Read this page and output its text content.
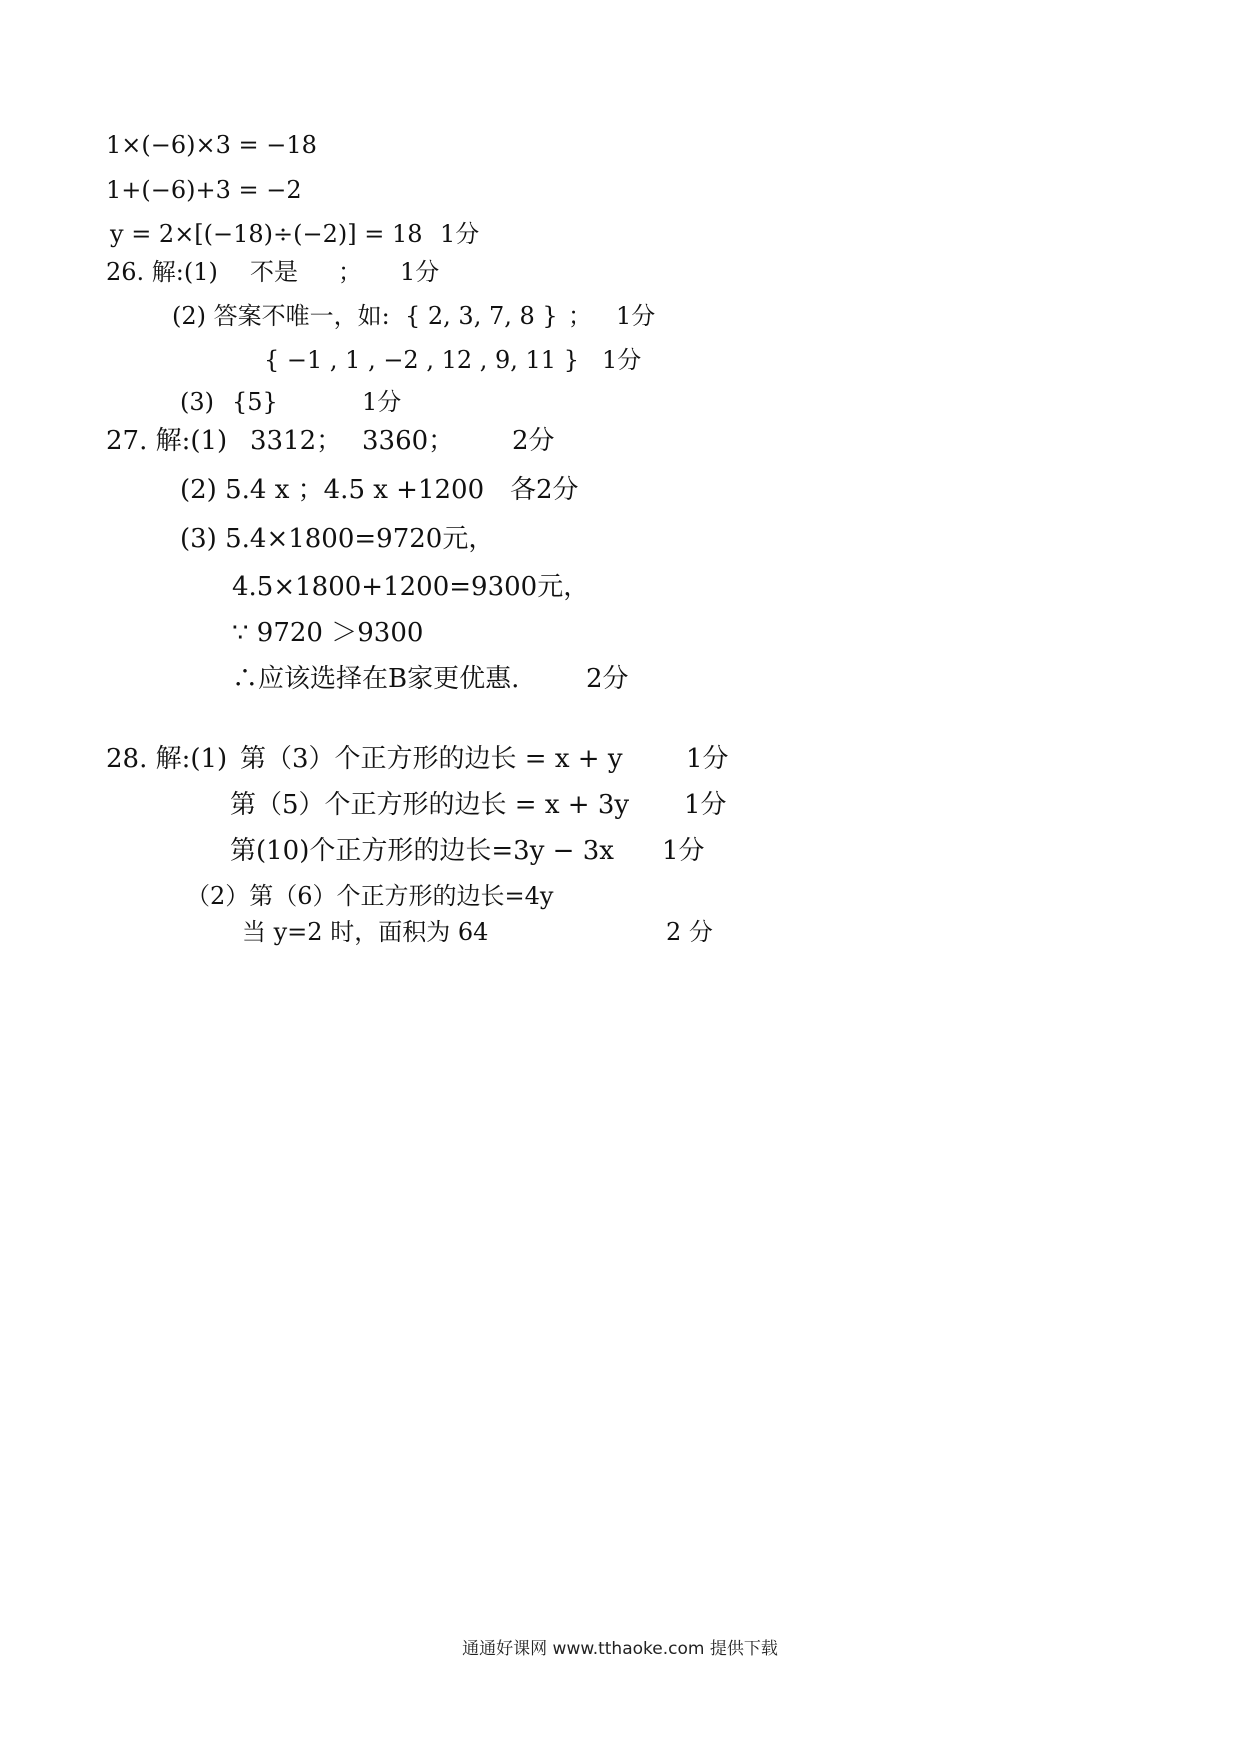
1×(−6)×3 = −18
1+(−6)+3 = −2
y = 2×[(−18)÷(−2)] = 18 1分
26. 解:(1) 不是 ； 1分
(2) 答案不唯一，如: { 2, 3, 7, 8 } ； 1分
{ −1 , 1 , −2 , 12 , 9, 11 } 1分
(3) {5}	1分
27. 解:(1) 3312； 3360； 2分
(2) 5.4 x ；4.5 x +1200 各2分
(3) 5.4×1800=9720元，
4.5×1800+1200=9300元，
∵ 9720 ＞9300
∴应该选择在B家更优惠.	2分
28. 解:(1) 第（3）个正方形的边长 = x + y 1分
第（5）个正方形的边长 = x + 3y 1分
第(10)个正方形的边长=3y − 3x 1分
（2）第（6）个正方形的边长=4y
当 y=2 时，面积为 64	2 分
通通好课网 www.tthaoke.com 提供下载
